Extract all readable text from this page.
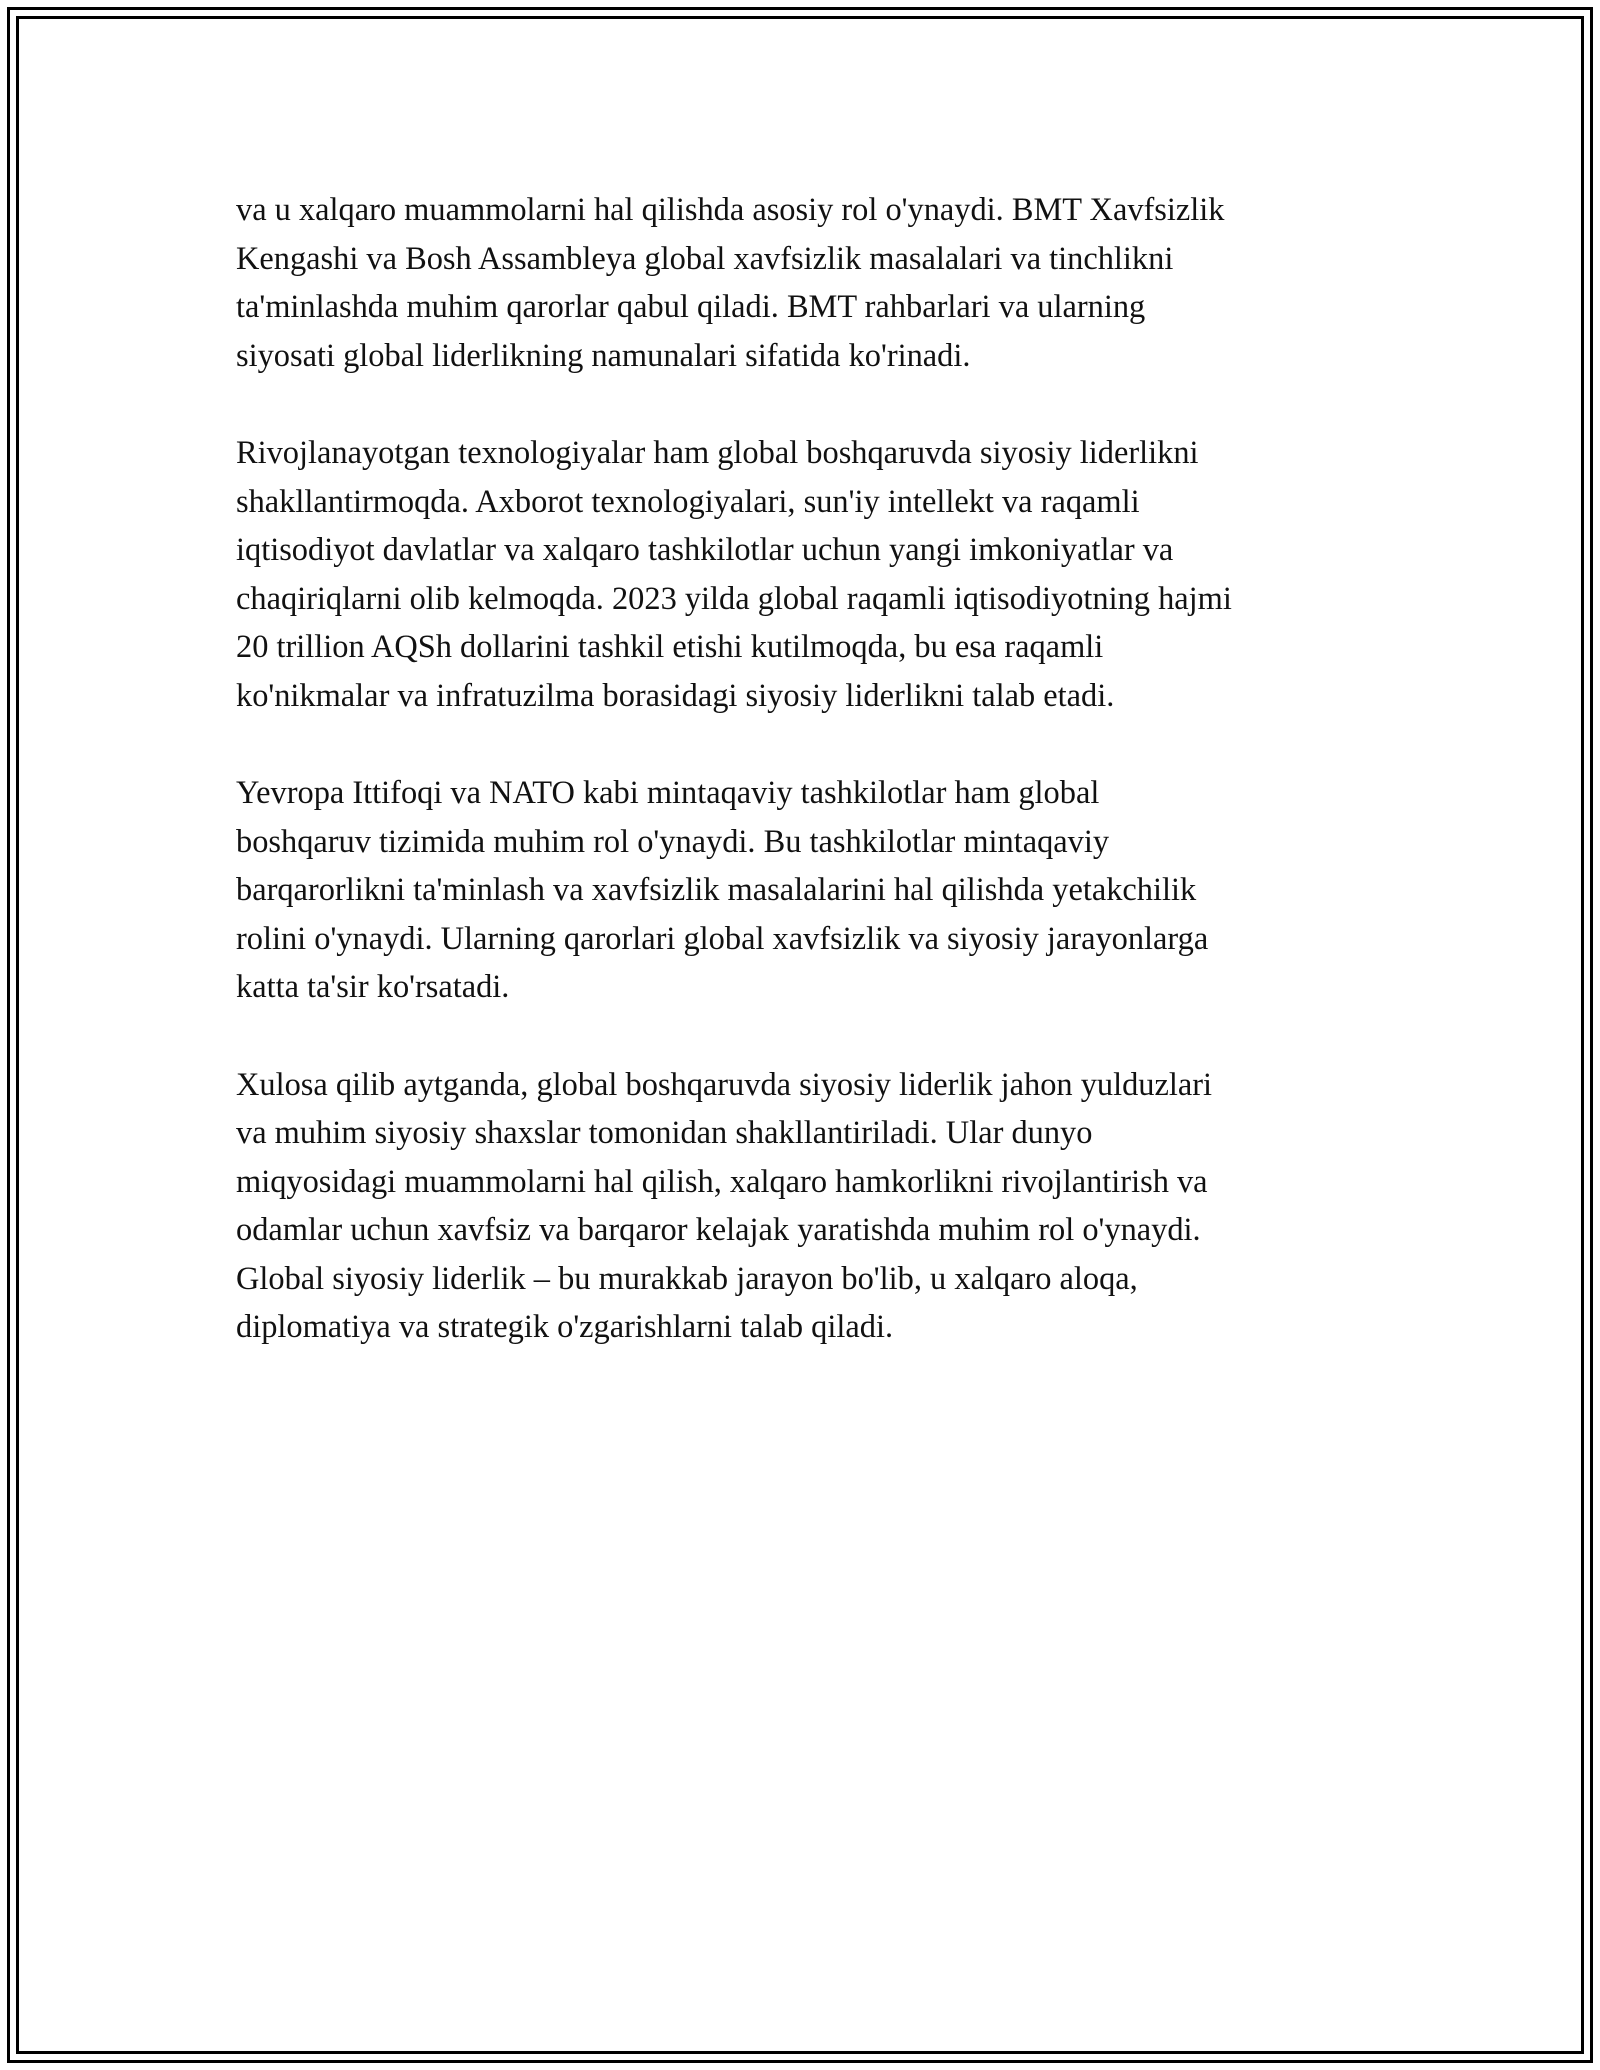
va u xalqaro muammolarni hal qilishda asosiy rol o'ynaydi. BMT Xavfsizlik
Kengashi va Bosh Assambleya global xavfsizlik masalalari va tinchlikni
ta'minlashda muhim qarorlar qabul qiladi. BMT rahbarlari va ularning
siyosati global liderlikning namunalari sifatida ko'rinadi.

Rivojlanayotgan texnologiyalar ham global boshqaruvda siyosiy liderlikni
shakllantirmoqda. Axborot texnologiyalari, sun'iy intellekt va raqamli
iqtisodiyot davlatlar va xalqaro tashkilotlar uchun yangi imkoniyatlar va
chaqiriqlarni olib kelmoqda. 2023 yilda global raqamli iqtisodiyotning hajmi
20 trillion AQSh dollarini tashkil etishi kutilmoqda, bu esa raqamli
ko'nikmalar va infratuzilma borasidagi siyosiy liderlikni talab etadi.

Yevropa Ittifoqi va NATO kabi mintaqaviy tashkilotlar ham global
boshqaruv tizimida muhim rol o'ynaydi. Bu tashkilotlar mintaqaviy
barqarorlikni ta'minlash va xavfsizlik masalalarini hal qilishda yetakchilik
rolini o'ynaydi. Ularning qarorlari global xavfsizlik va siyosiy jarayonlarga
katta ta'sir ko'rsatadi.

Xulosa qilib aytganda, global boshqaruvda siyosiy liderlik jahon yulduzlari
va muhim siyosiy shaxslar tomonidan shakllantiriladi. Ular dunyo
miqyosidagi muammolarni hal qilish, xalqaro hamkorlikni rivojlantirish va
odamlar uchun xavfsiz va barqaror kelajak yaratishda muhim rol o'ynaydi.
Global siyosiy liderlik – bu murakkab jarayon bo'lib, u xalqaro aloqa,
diplomatiya va strategik o'zgarishlarni talab qiladi.
